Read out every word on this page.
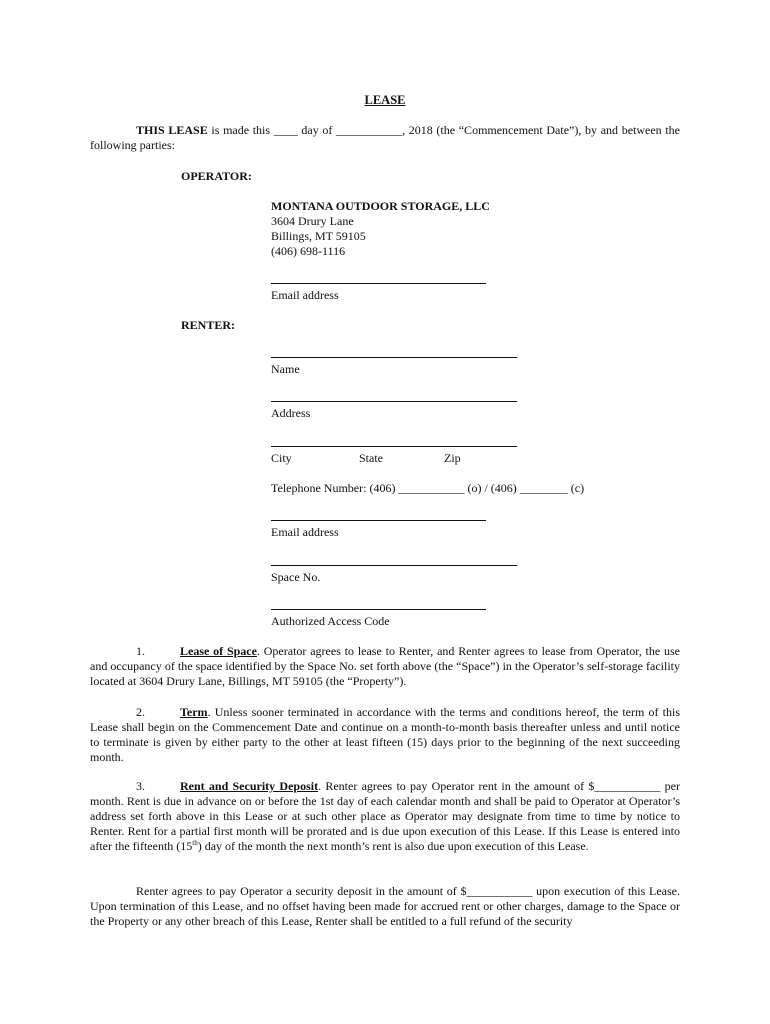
LEASE
THIS LEASE is made this ____ day of ___________, 2018 (the “Commencement Date”), by and between the following parties:
OPERATOR:
MONTANA OUTDOOR STORAGE, LLC
3604 Drury Lane
Billings, MT 59105
(406) 698-1116
Email address
RENTER:
Name
Address
City	State	Zip
Telephone Number: (406) ___________ (o) / (406) ________ (c)
Email address
Space No.
Authorized Access Code
1.	Lease of Space. Operator agrees to lease to Renter, and Renter agrees to lease from Operator, the use and occupancy of the space identified by the Space No. set forth above (the “Space”) in the Operator’s self-storage facility located at 3604 Drury Lane, Billings, MT 59105 (the “Property”).
2.	Term. Unless sooner terminated in accordance with the terms and conditions hereof, the term of this Lease shall begin on the Commencement Date and continue on a month-to-month basis thereafter unless and until notice to terminate is given by either party to the other at least fifteen (15) days prior to the beginning of the next succeeding month.
3.	Rent and Security Deposit. Renter agrees to pay Operator rent in the amount of $___________ per month. Rent is due in advance on or before the 1st day of each calendar month and shall be paid to Operator at Operator’s address set forth above in this Lease or at such other place as Operator may designate from time to time by notice to Renter. Rent for a partial first month will be prorated and is due upon execution of this Lease. If this Lease is entered into after the fifteenth (15th) day of the month the next month’s rent is also due upon execution of this Lease.
Renter agrees to pay Operator a security deposit in the amount of $___________ upon execution of this Lease. Upon termination of this Lease, and no offset having been made for accrued rent or other charges, damage to the Space or the Property or any other breach of this Lease, Renter shall be entitled to a full refund of the security
